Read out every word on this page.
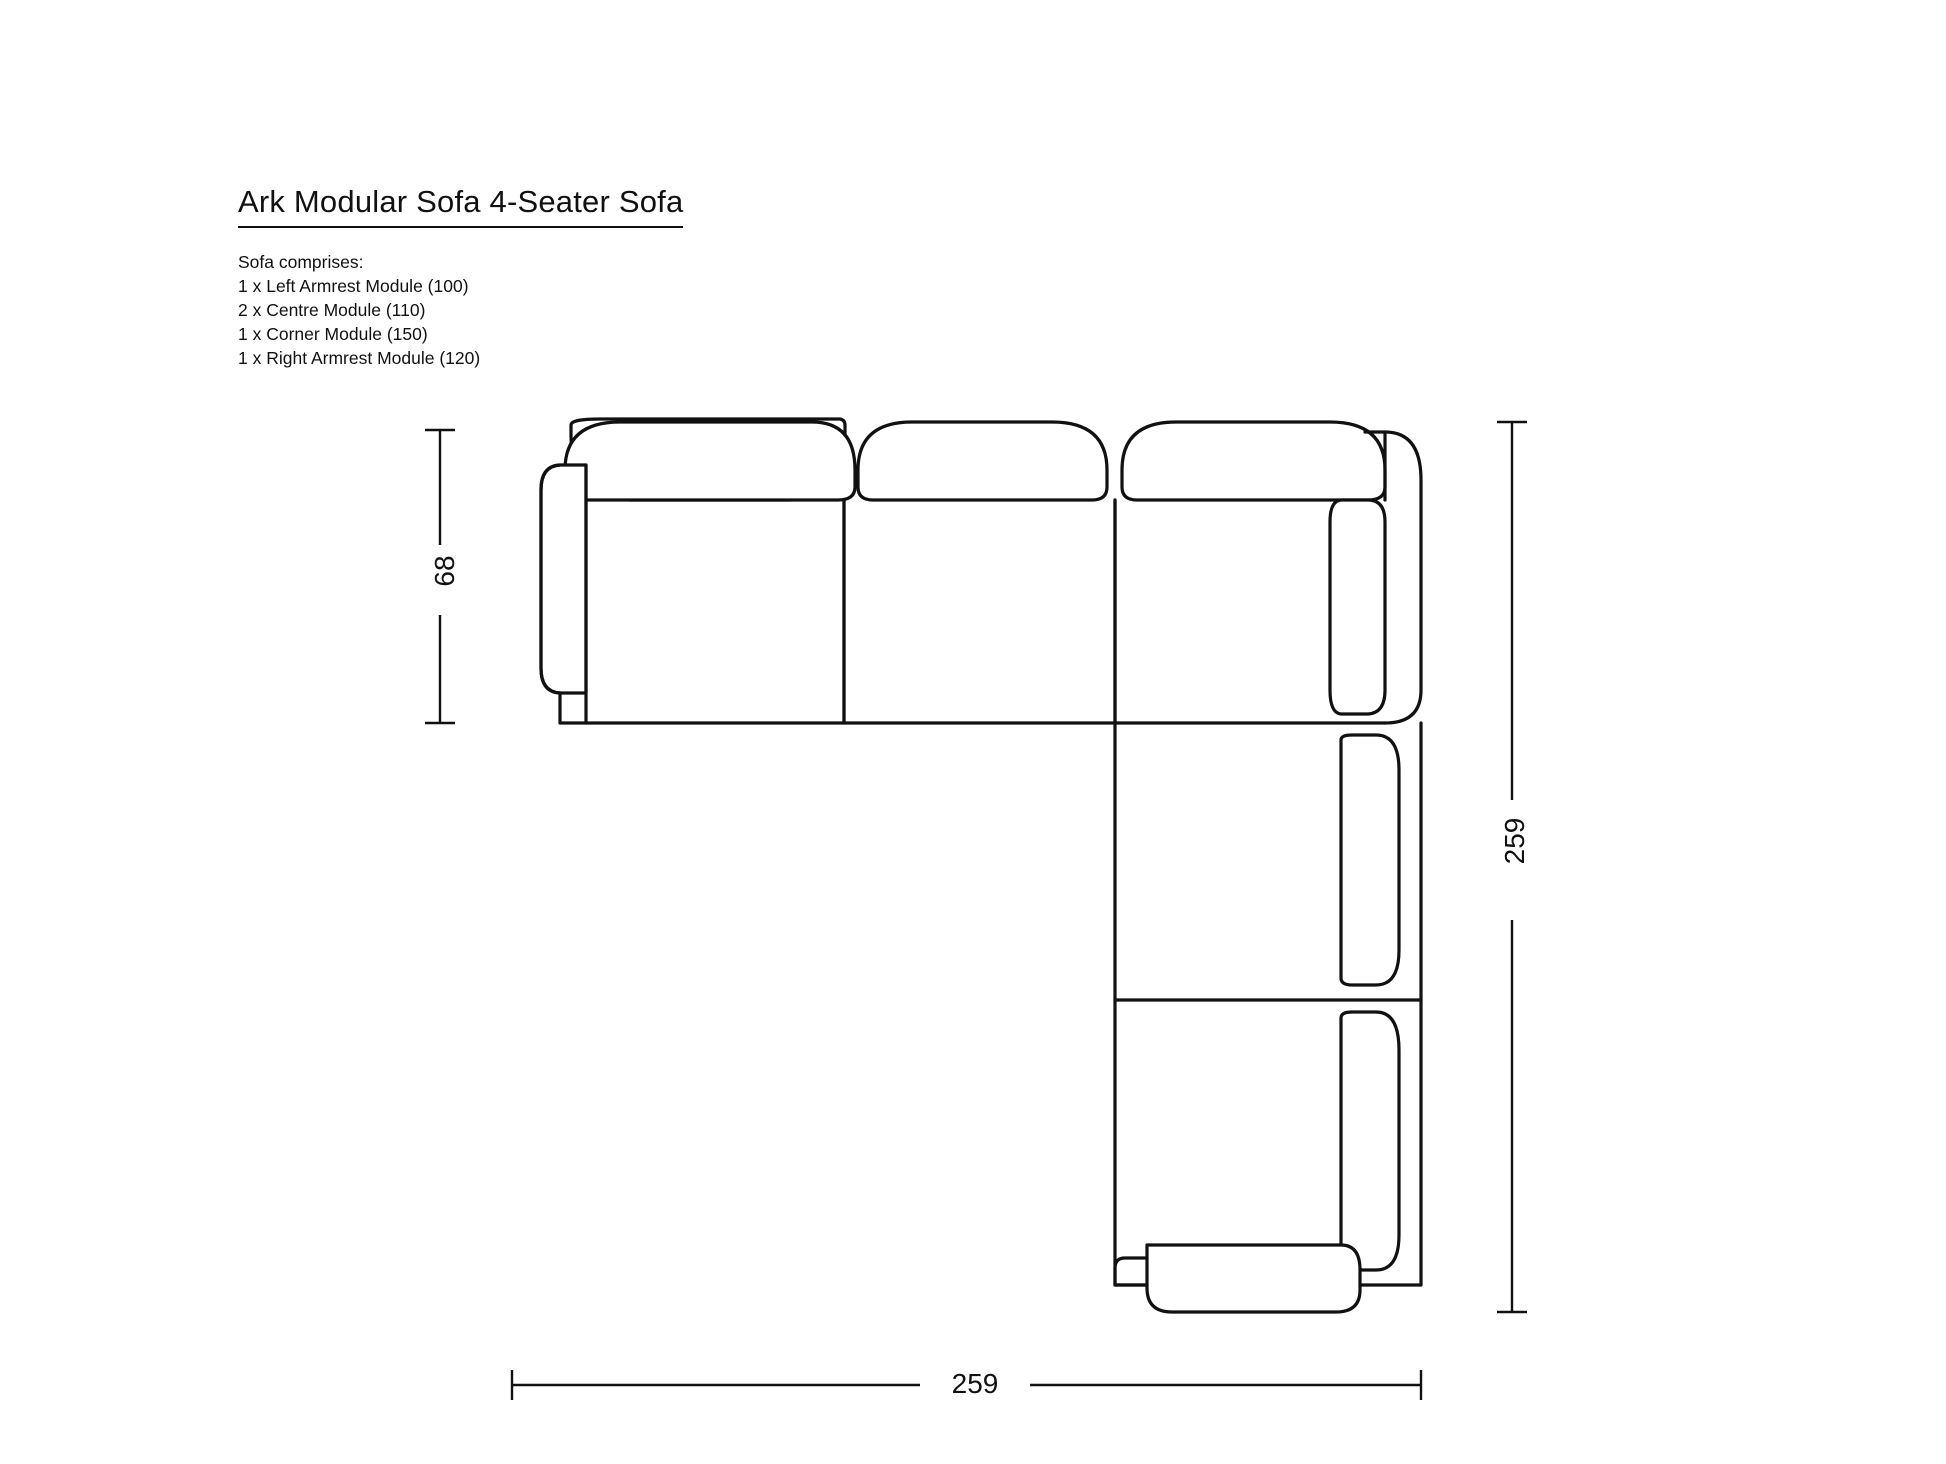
Ark Modular Sofa 4-Seater Sofa
Sofa comprises:
1 x Left Armrest Module (100)
2 x Centre Module (110)
1 x Corner Module (150)
1 x Right Armrest Module (120)
68
259
259
